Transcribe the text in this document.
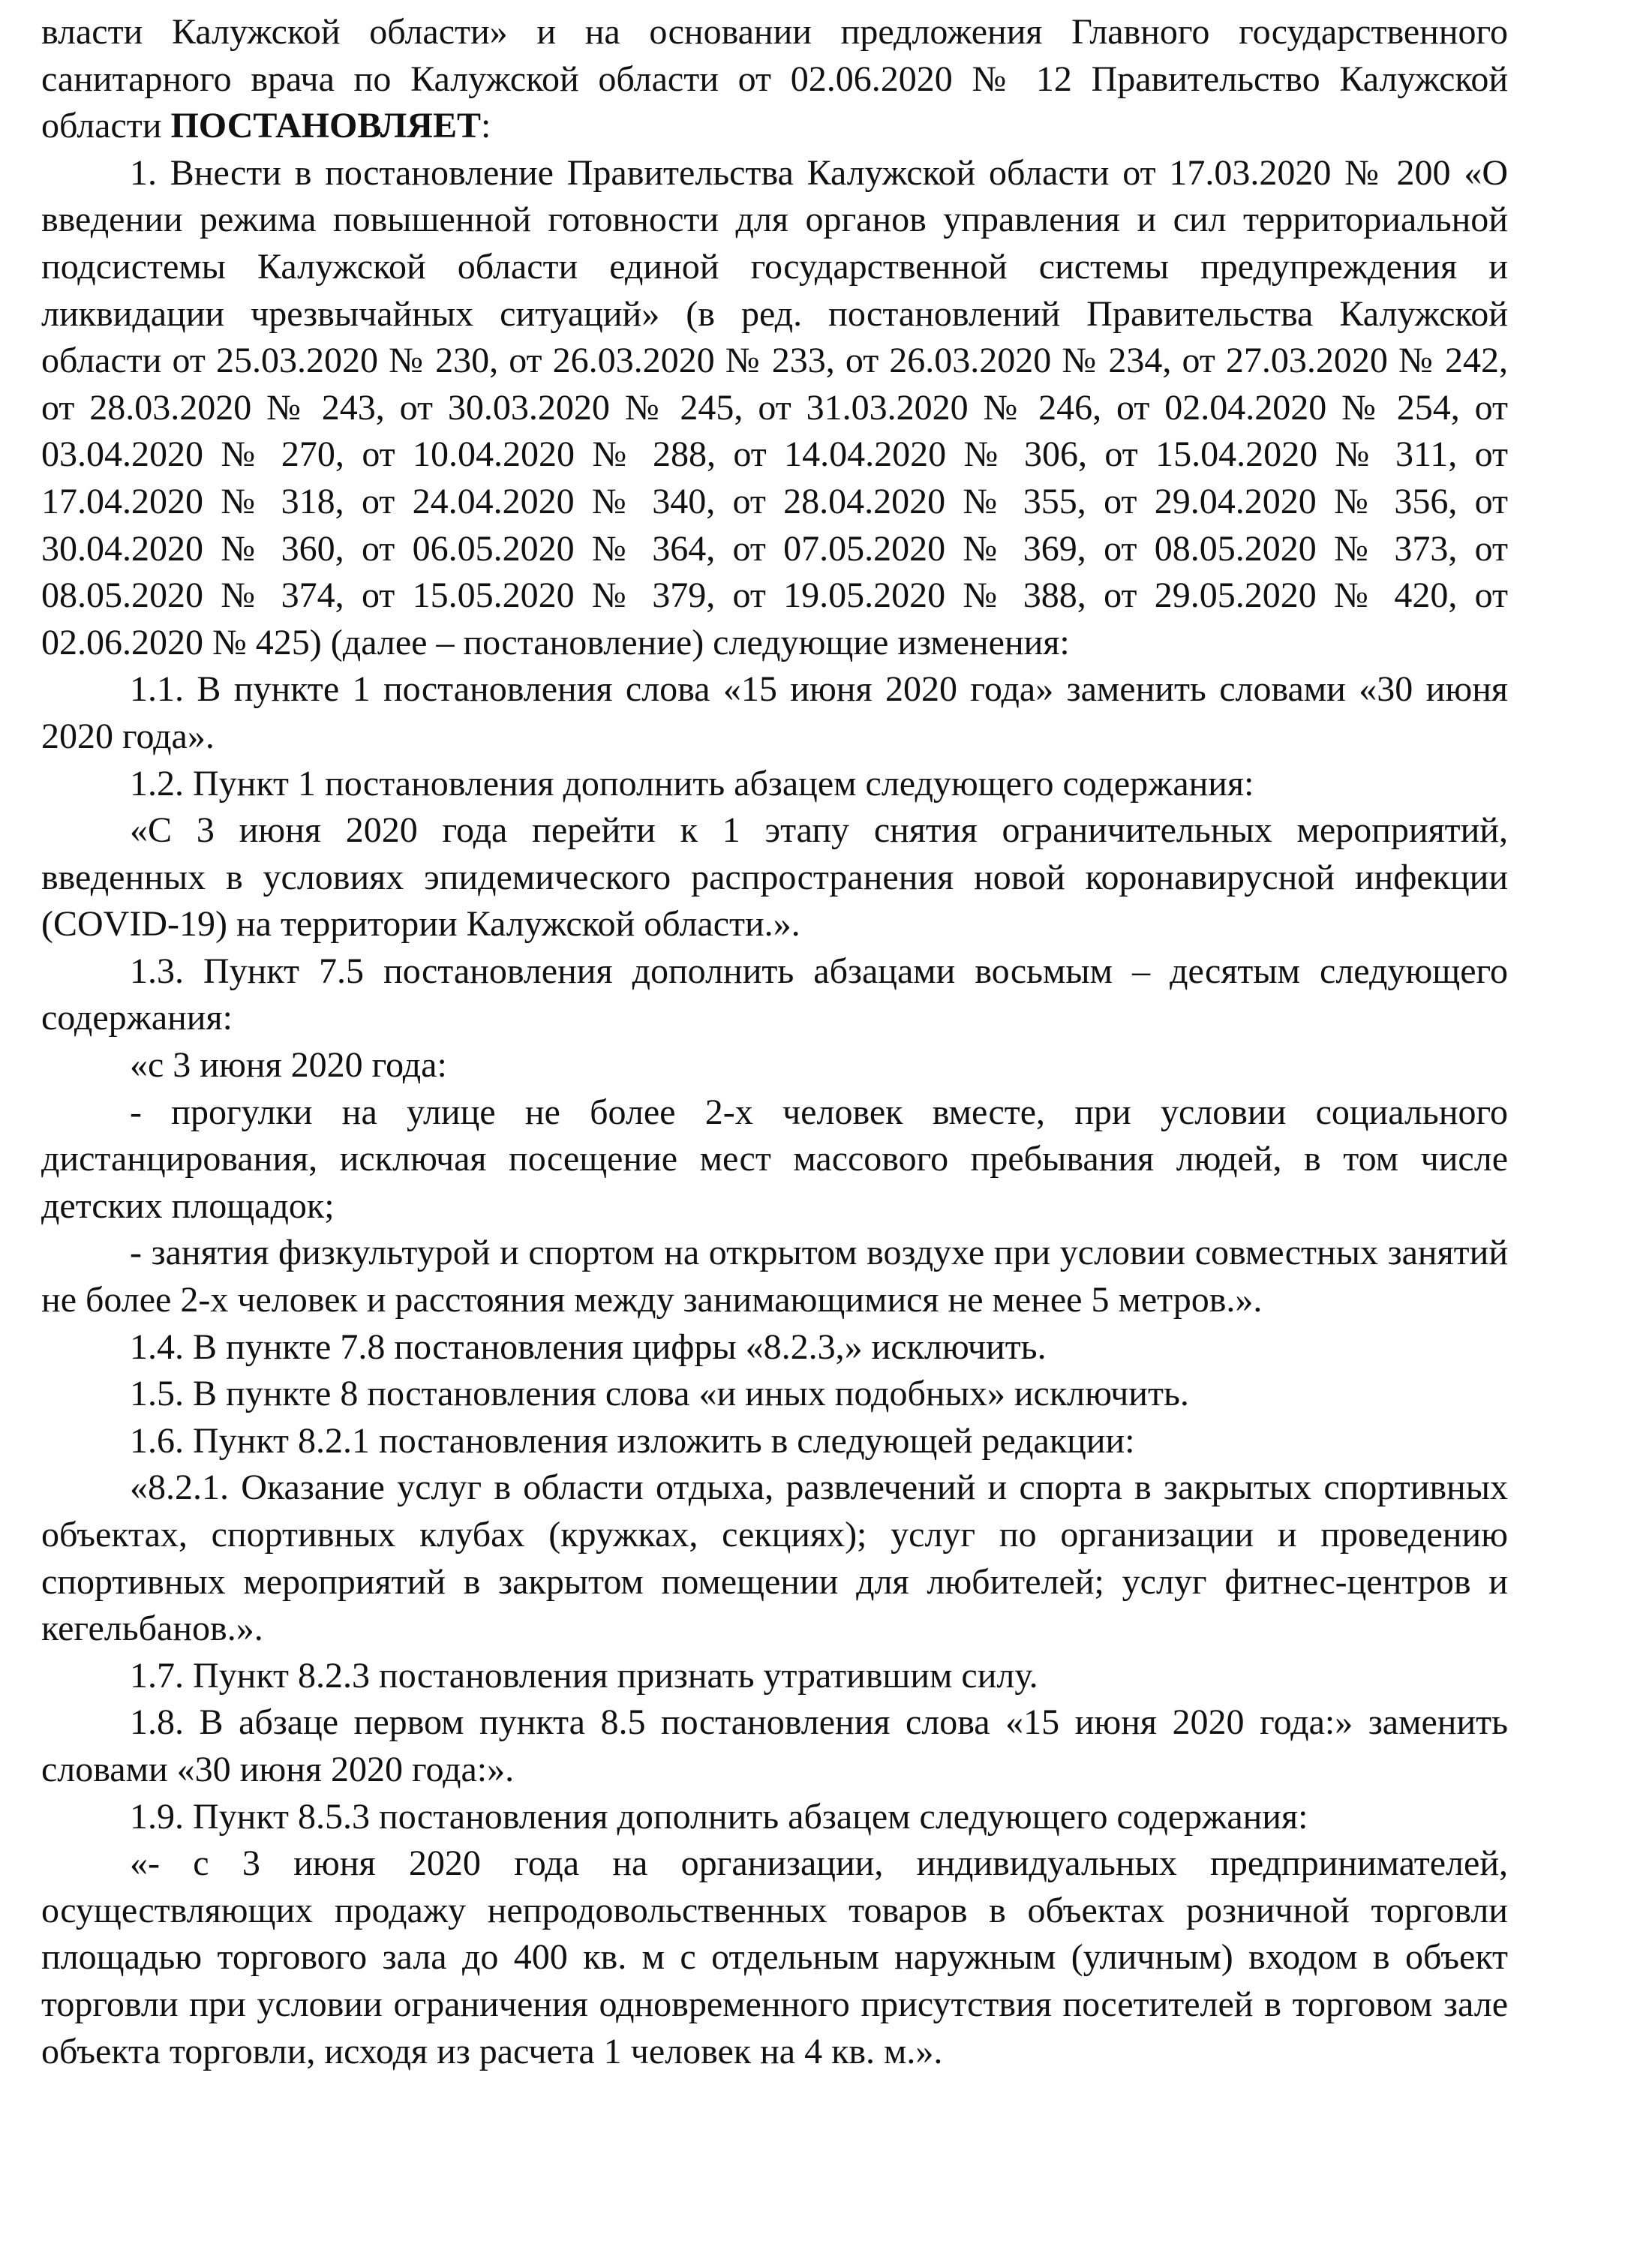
власти Калужской области» и на основании предложения Главного государственного санитарного врача по Калужской области от 02.06.2020 № 12 Правительство Калужской области ПОСТАНОВЛЯЕТ:

1. Внести в постановление Правительства Калужской области от 17.03.2020 № 200 «О введении режима повышенной готовности для органов управления и сил территориальной подсистемы Калужской области единой государственной системы предупреждения и ликвидации чрезвычайных ситуаций» (в ред. постановлений Правительства Калужской области от 25.03.2020 № 230, от 26.03.2020 № 233, от 26.03.2020 № 234, от 27.03.2020 № 242, от 28.03.2020 № 243, от 30.03.2020 № 245, от 31.03.2020 № 246, от 02.04.2020 № 254, от 03.04.2020 № 270, от 10.04.2020 № 288, от 14.04.2020 № 306, от 15.04.2020 № 311, от 17.04.2020 № 318, от 24.04.2020 № 340, от 28.04.2020 № 355, от 29.04.2020 № 356, от 30.04.2020 № 360, от 06.05.2020 № 364, от 07.05.2020 № 369, от 08.05.2020 № 373, от 08.05.2020 № 374, от 15.05.2020 № 379, от 19.05.2020 № 388, от 29.05.2020 № 420, от 02.06.2020 № 425) (далее – постановление) следующие изменения:

1.1. В пункте 1 постановления слова «15 июня 2020 года» заменить словами «30 июня 2020 года».

1.2. Пункт 1 постановления дополнить абзацем следующего содержания:

«С 3 июня 2020 года перейти к 1 этапу снятия ограничительных мероприятий, введенных в условиях эпидемического распространения новой коронавирусной инфекции (COVID-19) на территории Калужской области.».

1.3. Пункт 7.5 постановления дополнить абзацами восьмым – десятым следующего содержания:

«с 3 июня 2020 года:

- прогулки на улице не более 2-х человек вместе, при условии социального дистанцирования, исключая посещение мест массового пребывания людей, в том числе детских площадок;

- занятия физкультурой и спортом на открытом воздухе при условии совместных занятий не более 2-х человек и расстояния между занимающимися не менее 5 метров.».

1.4. В пункте 7.8 постановления цифры «8.2.3,» исключить.

1.5. В пункте 8 постановления слова «и иных подобных» исключить.

1.6. Пункт 8.2.1 постановления изложить в следующей редакции:

«8.2.1. Оказание услуг в области отдыха, развлечений и спорта в закрытых спортивных объектах, спортивных клубах (кружках, секциях); услуг по организации и проведению спортивных мероприятий в закрытом помещении для любителей; услуг фитнес-центров и кегельбанов.».

1.7. Пункт 8.2.3 постановления признать утратившим силу.

1.8. В абзаце первом пункта 8.5 постановления слова «15 июня 2020 года:» заменить словами «30 июня 2020 года:».

1.9. Пункт 8.5.3 постановления дополнить абзацем следующего содержания:

«- с 3 июня 2020 года на организации, индивидуальных предпринимателей, осуществляющих продажу непродовольственных товаров в объектах розничной торговли площадью торгового зала до 400 кв. м с отдельным наружным (уличным) входом в объект торговли при условии ограничения одновременного присутствия посетителей в торговом зале объекта торговли, исходя из расчета 1 человек на 4 кв. м.».
